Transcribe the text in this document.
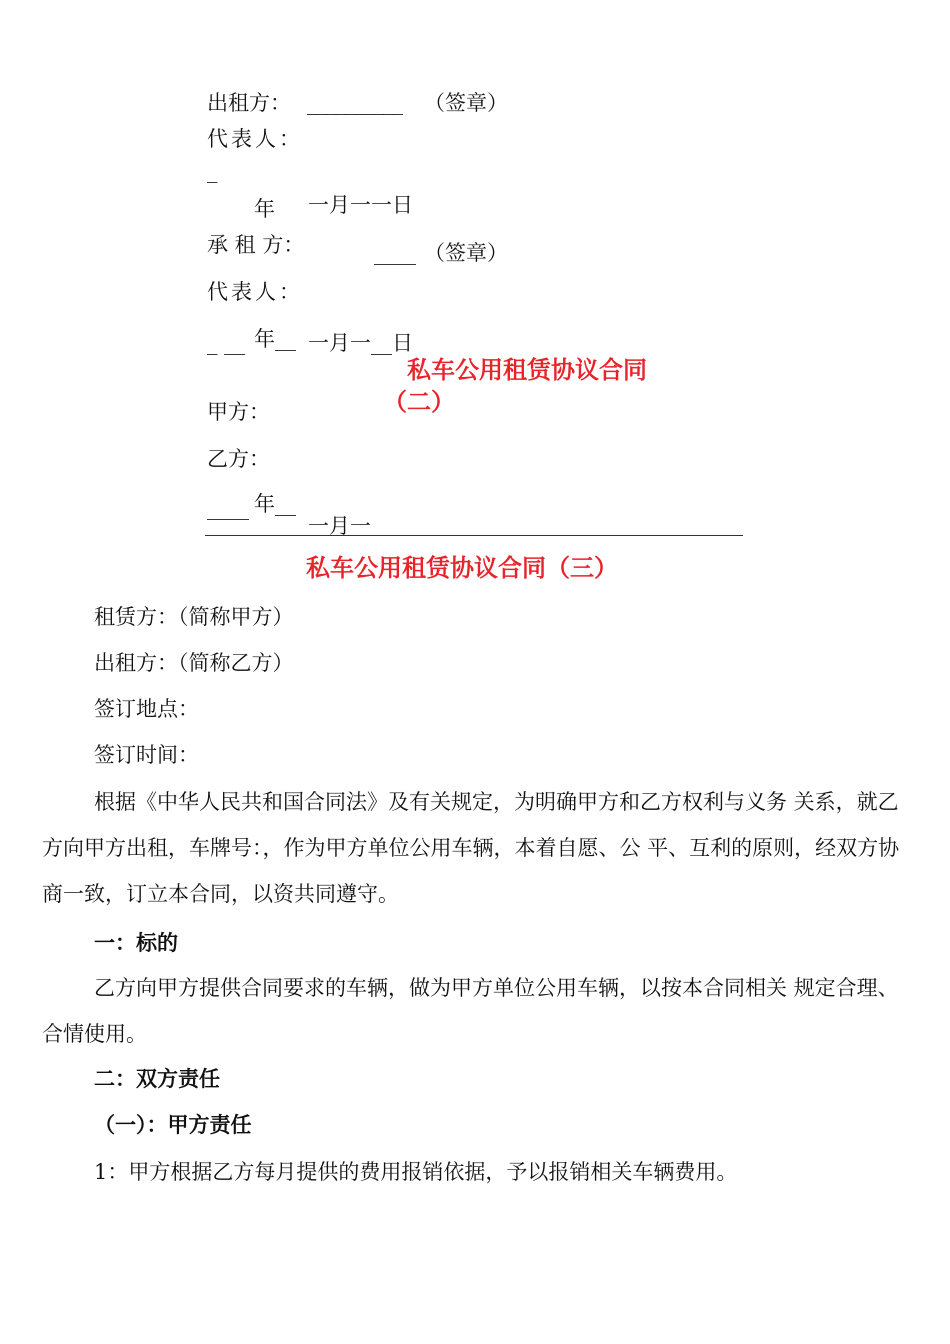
出租方： __________ （签章）
代表人：
_
年 一月一一日
承 租 方：	____ （签章）
代表人：
_ __ 年__ 一月一__日
私车公用租赁协议合同
（二）
甲方：
乙方：
____ 年__
一月一
私车公用租赁协议合同（三）
租赁方：（简称甲方）
出租方：（简称乙方）
签订地点：
签订时间：
根据《中华人民共和国合同法》及有关规定，为明确甲方和乙方权利与义务 关系，就乙方向甲方出租，车牌号：，作为甲方单位公用车辆，本着自愿、公 平、互利的原则，经双方协商一致，订立本合同，以资共同遵守。
一：标的
乙方向甲方提供合同要求的车辆，做为甲方单位公用车辆，以按本合同相关 规定合理、合情使用。
二：双方责任
（一）：甲方责任
1：甲方根据乙方每月提供的费用报销依据，予以报销相关车辆费用。
